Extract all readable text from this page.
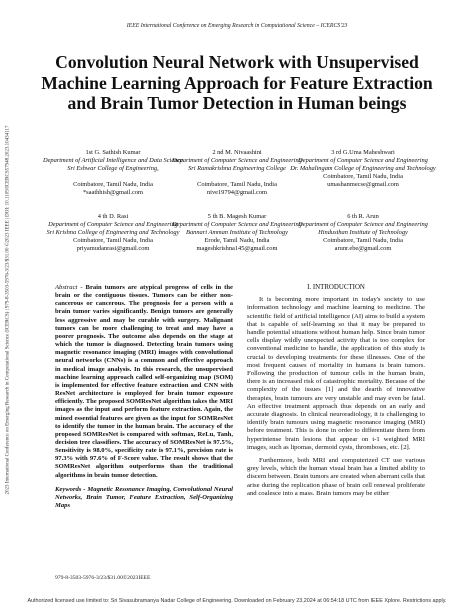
IEEE International Conference on Emerging Research in Computational Science – ICERCS'23
2023 International Conference on Emerging Research in Computational Science (ICERCS) | 979-8-3503-5976-3/23/$31.00 ©2023 IEEE | DOI: 10.1109/ICERCS57948.2023.10434117
Convolution Neural Network with Unsupervised Machine Learning Approach for Feature Extraction and Brain Tumor Detection in Human beings
1st G. Sathish Kumar
Department of Artificial Intelligence and Data Science
Sri Eshwar College of Engineering,
Coimbatore, Tamil Nadu, India
*saathhish@gmail.com
2 nd M. Nivaashini
Department of Computer Science and Engineering
Sri Ramakrishna Engineering College
Coimbatore, Tamil Nadu, India
nive19794@gmail.com
3 rd G.Uma Maheshwari
Department of Computer Science and Engineering
Dr. Mahalingam College of Engineering and Technology
Coimbatore, Tamil Nadu, India
umashanmecse@gmail.com
4 th D. Rasi
Department of Computer Science and Engineering
Sri Krishna College of Engineering and Technology
Coimbatore, Tamil Nadu, India
priyamudanrasi@gmail.com
5 th B. Magesh Kumar
Department of Computer Science and Engineering
Bannari Amman Institute of Technology
Erode, Tamil Nadu, India
mageshkrishna145@gmail.com
6 th R. Arun
Department of Computer Science and Engineering
Hindusthan Institute of Technology
Coimbatore, Tamil Nadu, India
arunr.ebe@gmail.com
Abstract - Brain tumors are atypical progress of cells in the brain or the contiguous tissues. Tumors can be either non-cancerous or cancerous. The prognosis for a person with a brain tumor varies significantly. Benign tumors are generally less aggressive and may be curable with surgery. Malignant tumors can be more challenging to treat and may have a poorer prognosis. The outcome also depends on the stage at which the tumor is diagnosed. Detecting brain tumors using magnetic resonance imaging (MRI) images with convolutional neural networks (CNNs) is a common and effective approach in medical image analysis. In this research, the unsupervised machine learning approach called self-organizing map (SOM) is implemented for effective feature extraction and CNN with ResNet architecture is employed for brain tumor exposure efficiently. The proposed SOMResNet algorithm takes the MRI images as the input and perform feature extraction. Again, the mined essential features are given as the input for SOMResNet to identify the tumor in the human brain. The accuracy of the proposed SOMResNet is compared with softmax, ReLu, Tanh, decision tree classifiers. The accuracy of SOMResNet is 97.5%, Sensitivity is 98.0%, specificity rate is 97.1%, precision rate is 97.3% with 97.6% of F-Score value. The result shows that the SOMResNet algorithm outperforms than the traditional algorithms in brain tumor detection.
Keywords - Magnetic Resonance Imaging, Convolutional Neural Networks, Brain Tumor, Feature Extraction, Self-Organizing Maps
I. INTRODUCTION

It is becoming more important in today's society to use information technology and machine learning to medicine. The scientific field of artificial intelligence (AI) aims to build a system that is capable of self-learning so that it may be prepared to handle potential situations without human help. Since brain tumor cells display wildly unexpected activity that is too complex for conventional medicine to handle, the application of this study is crucial to developing treatments for these illnesses. One of the most frequent causes of mortality in humans is brain tumors. Following the production of tumour cells in the human brain, there is an increased risk of catastrophic mortality. Because of the complexity of the issues [1] and the dearth of innovative therapies, brain tumours are very unstable and may even be fatal. An effective treatment approach thus depends on an early and accurate diagnosis. In clinical neuroradiology, it is challenging to identify brain tumours using magnetic resonance imaging (MRI) before treatment. This is done in order to differentiate them from hyperintense brain lesions that appear on t-1 weighted MRI images, such as lipomas, dermoid cysts, thromboses, etc. [2].

Furthermore, both MRI and computerized CT use various grey levels, which the human visual brain has a limited ability to discern between. Brain tumors are created when aberrant cells that arise during the replication phase of brain cell renewal proliferate and coalesce into a mass. Brain tumors may be either

979-8-3503-5976-3/23/$31.00©2023IEEE
Authorized licensed use limited to: Sri Sivasubramanya Nadar College of Engineering. Downloaded on February 23,2024 at 06:54:18 UTC from IEEE Xplore. Restrictions apply.
